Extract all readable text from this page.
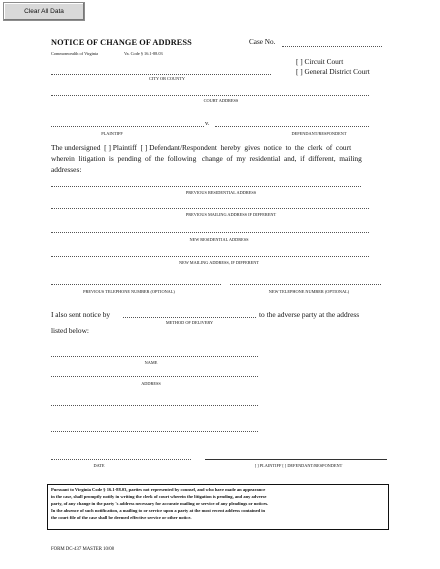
Clear All Data
NOTICE OF CHANGE OF ADDRESS
Commonwealth of Virginia	Va. Code § 16.1-88.03
Case No.
[ ] Circuit Court
[ ] General District Court
CITY OR COUNTY
COURT ADDRESS
v.
PLAINTIFF	DEFENDANT/RESPONDENT
The undersigned  [ ] Plaintiff  [ ] Defendant/Respondent  hereby  gives  notice  to  the  clerk  of  court
wherein  litigation  is  pending  of  the  following   change  of  my  residential  and,  if  different,  mailing
addresses:
PREVIOUS RESIDENTIAL ADDRESS
PREVIOUS MAILING ADDRESS IF DIFFERENT
NEW RESIDENTIAL ADDRESS
NEW MAILING ADDRESS, IF DIFFERENT
PREVIOUS TELEPHONE NUMBER (OPTIONAL)	NEW TELEPHONE NUMBER (OPTIONAL)
I also sent notice by	to the adverse party at the address
METHOD OF DELIVERY
listed below:
NAME
ADDRESS
DATE	[ ] PLAINTIFF [ ] DEFENDANT/RESPONDENT
Pursuant to Virginia Code § 16.1-88.03, parties not represented by counsel, and who have made an appearance
in the case, shall promptly notify in writing the clerk of court wherein the litigation is pending, and any adverse
party, of any change in the party 's address necessary for accurate mailing or service of any pleadings or notices.
In the absence of such notification, a mailing to or service upon a party at the most recent address contained in
the court file of the case shall be deemed effective service or other notice.
FORM DC-437 MASTER 10/08
